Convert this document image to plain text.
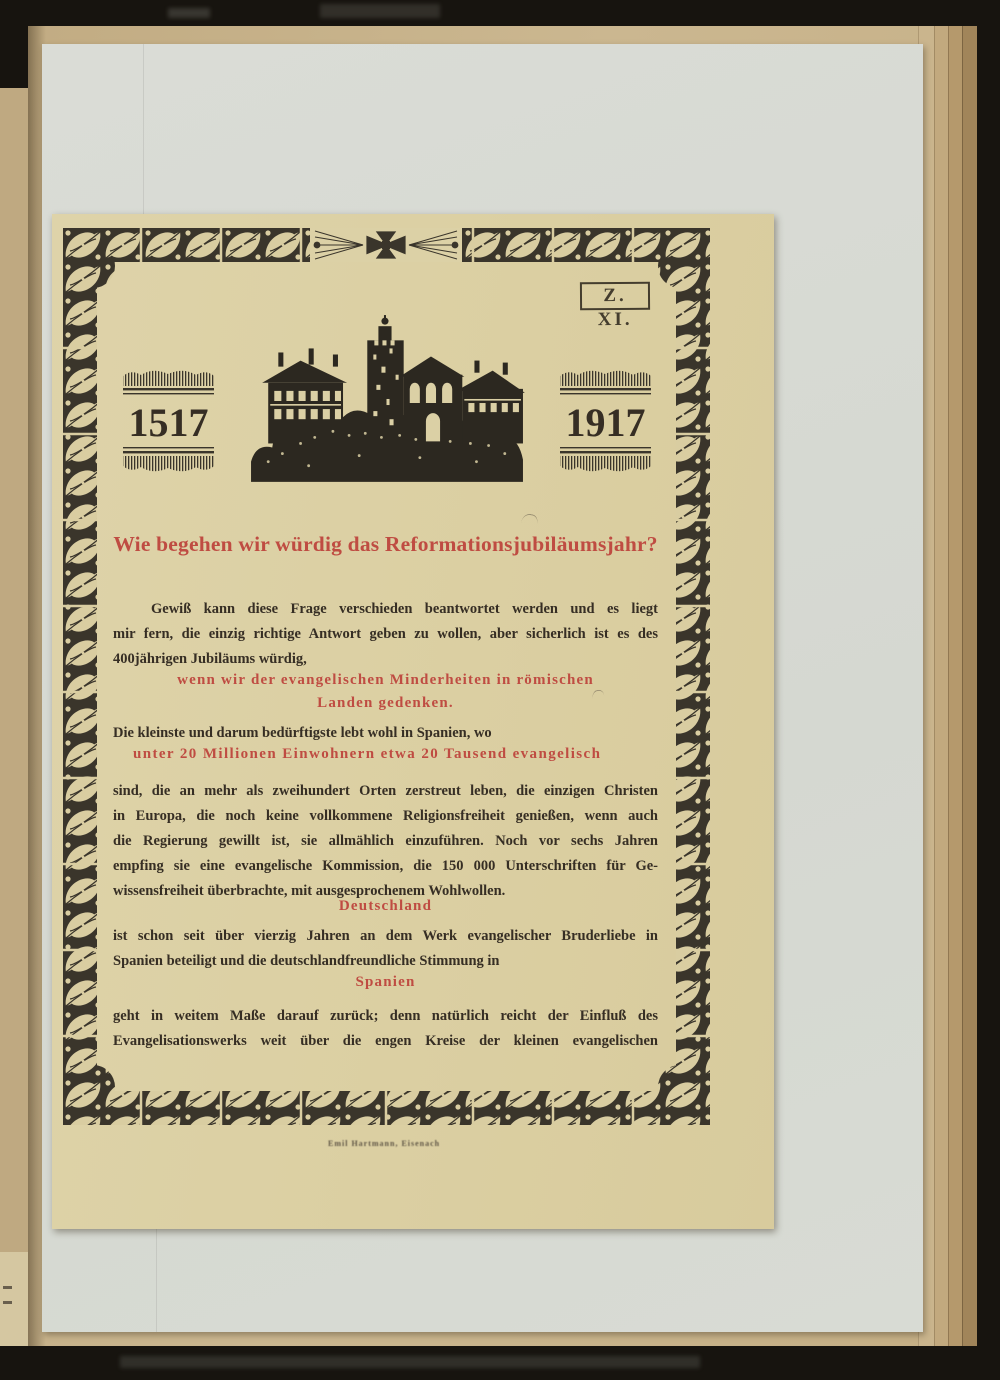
Z. XI.
1517	1917
Wie begehen wir würdig das Reformationsjubiläumsjahr?
Gewiß kann diese Frage verschieden beantwortet werden und es liegt
mir fern, die einzig richtige Antwort geben zu wollen, aber sicherlich ist es des
400jährigen Jubiläums würdig,
wenn wir der evangelischen Minderheiten in römischen
Landen gedenken.
Die kleinste und darum bedürftigste lebt wohl in Spanien, wo
unter 20 Millionen Einwohnern etwa 20 Tausend evangelisch
sind, die an mehr als zweihundert Orten zerstreut leben, die einzigen Christen
in Europa, die noch keine vollkommene Religionsfreiheit genießen, wenn auch
die Regierung gewillt ist, sie allmählich einzuführen. Noch vor sechs Jahren
empfing sie eine evangelische Kommission, die 150 000 Unterschriften für Ge-
wissensfreiheit überbrachte, mit ausgesprochenem Wohlwollen.
Deutschland
ist schon seit über vierzig Jahren an dem Werk evangelischer Bruderliebe in
Spanien beteiligt und die deutschlandfreundliche Stimmung in
Spanien
geht in weitem Maße darauf zurück; denn natürlich reicht der Einfluß des
Evangelisationswerks weit über die engen Kreise der kleinen evangelischen
Emil Hartmann, Eisenach
